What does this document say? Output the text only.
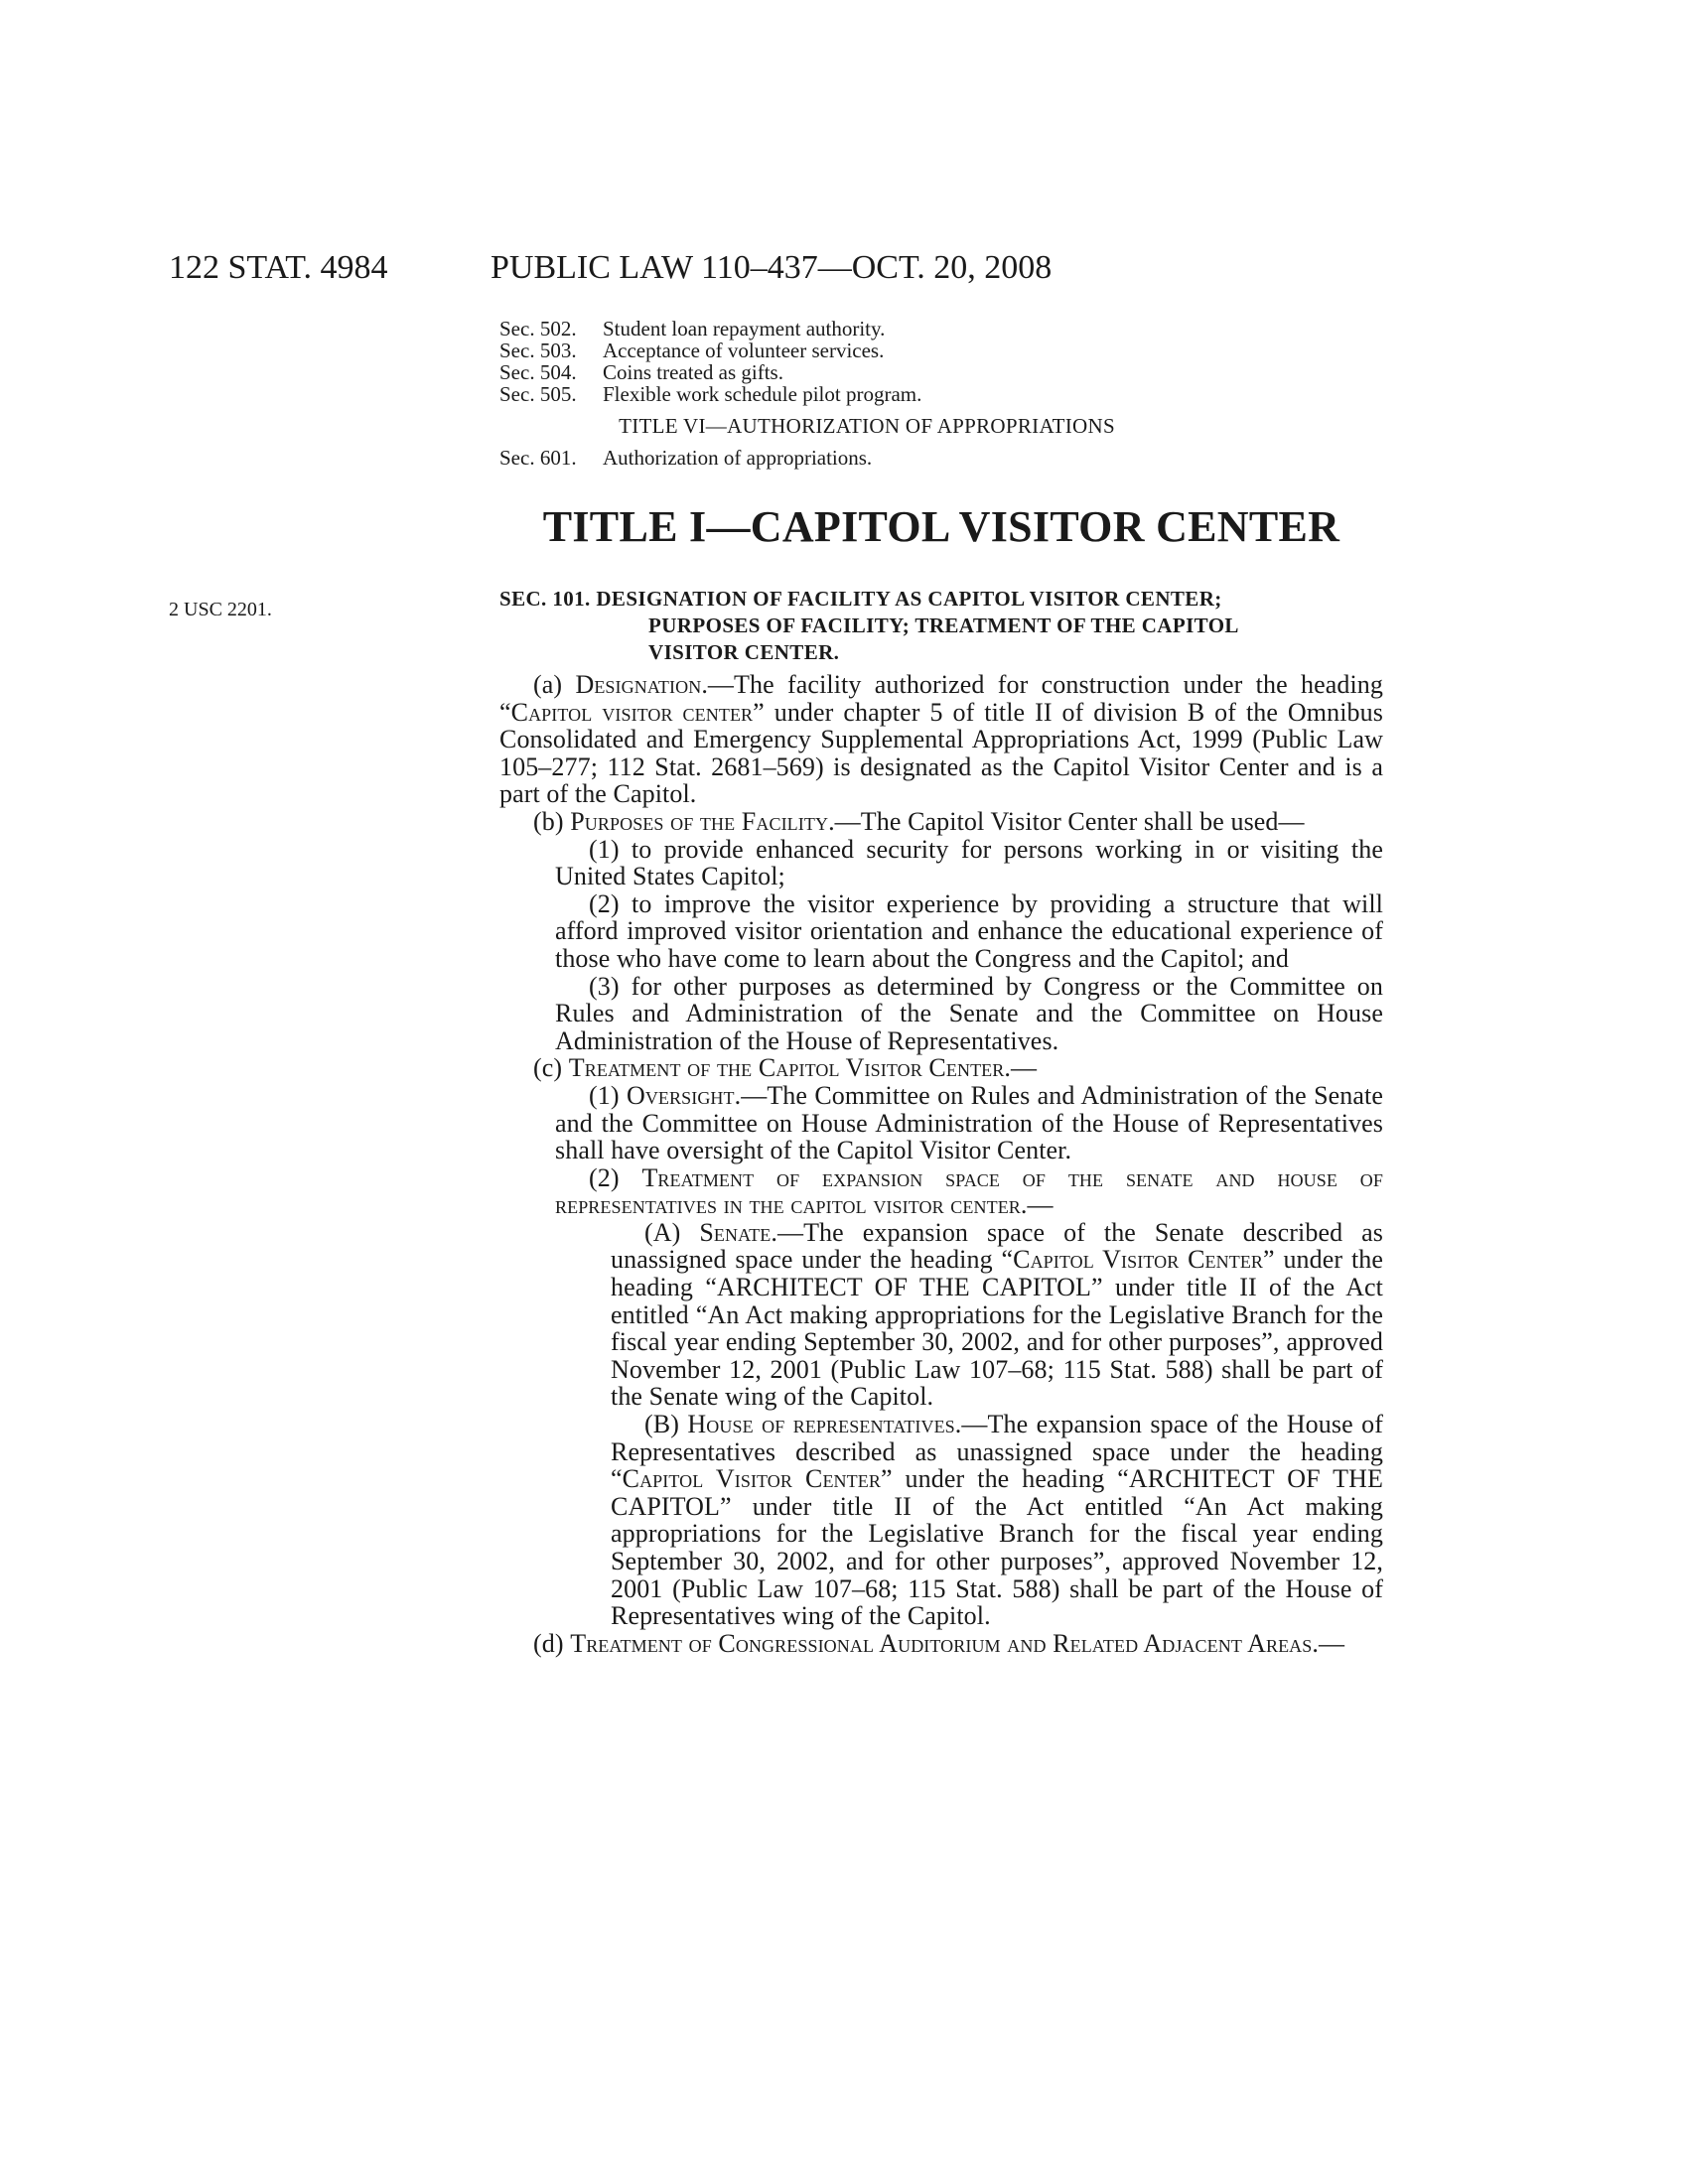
122 STAT. 4984	PUBLIC LAW 110–437—OCT. 20, 2008
Sec. 502. Student loan repayment authority.
Sec. 503. Acceptance of volunteer services.
Sec. 504. Coins treated as gifts.
Sec. 505. Flexible work schedule pilot program.
TITLE VI—AUTHORIZATION OF APPROPRIATIONS
Sec. 601. Authorization of appropriations.
TITLE I—CAPITOL VISITOR CENTER
2 USC 2201.	SEC. 101. DESIGNATION OF FACILITY AS CAPITOL VISITOR CENTER;
PURPOSES OF FACILITY; TREATMENT OF THE CAPITOL
VISITOR CENTER.

(a) Designation.—The facility authorized for construction under the heading “Capitol visitor center” under chapter 5 of title II of division B of the Omnibus Consolidated and Emergency Supplemental Appropriations Act, 1999 (Public Law 105–277; 112 Stat. 2681–569) is designated as the Capitol Visitor Center and is a part of the Capitol.

(b) Purposes of the Facility.—The Capitol Visitor Center shall be used—

(1) to provide enhanced security for persons working in or visiting the United States Capitol;

(2) to improve the visitor experience by providing a structure that will afford improved visitor orientation and enhance the educational experience of those who have come to learn about the Congress and the Capitol; and

(3) for other purposes as determined by Congress or the Committee on Rules and Administration of the Senate and the Committee on House Administration of the House of Representatives.

(c) Treatment of the Capitol Visitor Center.—

(1) Oversight.—The Committee on Rules and Administration of the Senate and the Committee on House Administration of the House of Representatives shall have oversight of the Capitol Visitor Center.

(2) Treatment of expansion space of the senate and house of representatives in the capitol visitor center.—

(A) Senate.—The expansion space of the Senate described as unassigned space under the heading “Capitol Visitor Center” under the heading “ARCHITECT OF THE CAPITOL” under title II of the Act entitled “An Act making appropriations for the Legislative Branch for the fiscal year ending September 30, 2002, and for other purposes”, approved November 12, 2001 (Public Law 107–68; 115 Stat. 588) shall be part of the Senate wing of the Capitol.

(B) House of representatives.—The expansion space of the House of Representatives described as unassigned space under the heading “Capitol Visitor Center” under the heading “ARCHITECT OF THE CAPITOL” under title II of the Act entitled “An Act making appropriations for the Legislative Branch for the fiscal year ending September 30, 2002, and for other purposes”, approved November 12, 2001 (Public Law 107–68; 115 Stat. 588) shall be part of the House of Representatives wing of the Capitol.

(d) Treatment of Congressional Auditorium and Related Adjacent Areas.—
